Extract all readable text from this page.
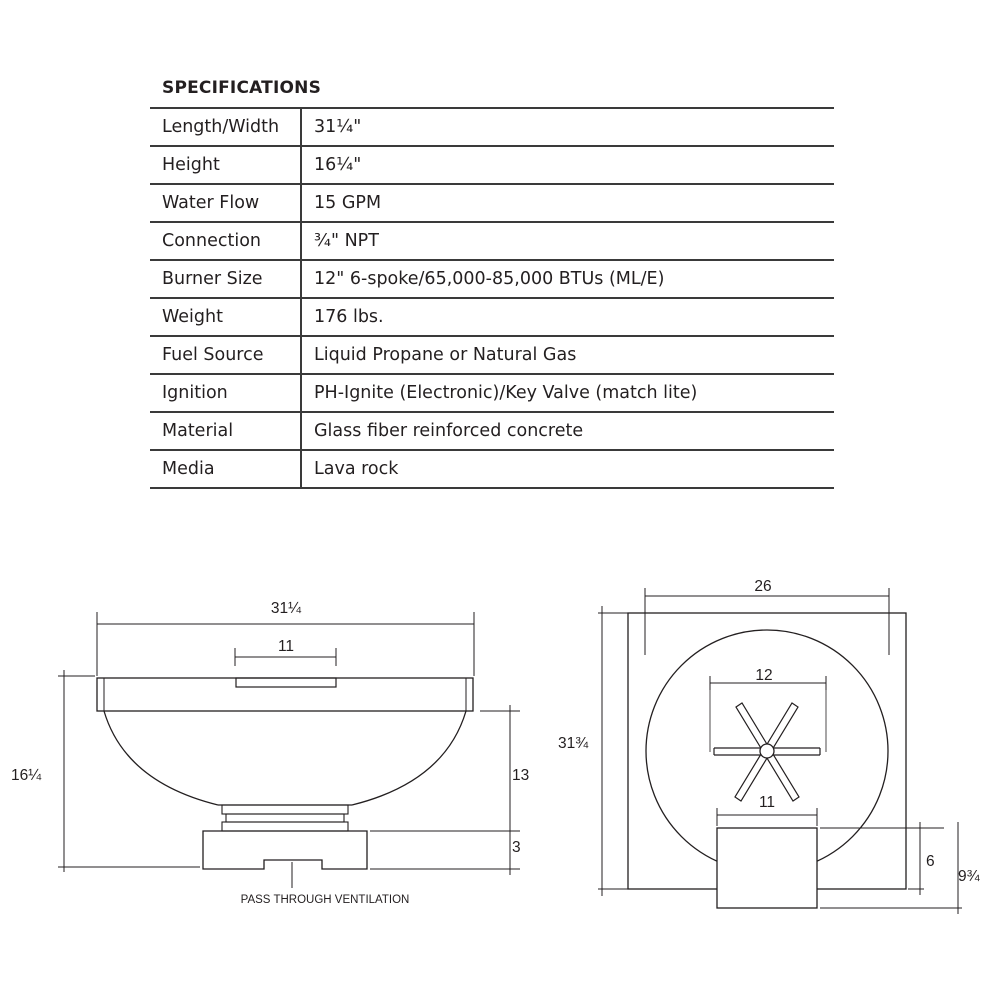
SPECIFICATIONS
Length/Width	31¼"
Height	16¼"
Water Flow	15 GPM
Connection	¾" NPT
Burner Size	12" 6-spoke/65,000-85,000 BTUs (ML/E)
Weight	176 lbs.
Fuel Source	Liquid Propane or Natural Gas
Ignition	PH-Ignite (Electronic)/Key Valve (match lite)
Material	Glass fiber reinforced concrete
Media	Lava rock
31¼
11
16¼	13
3
PASS THROUGH VENTILATION
26
31¾
12
11
6
9¾
